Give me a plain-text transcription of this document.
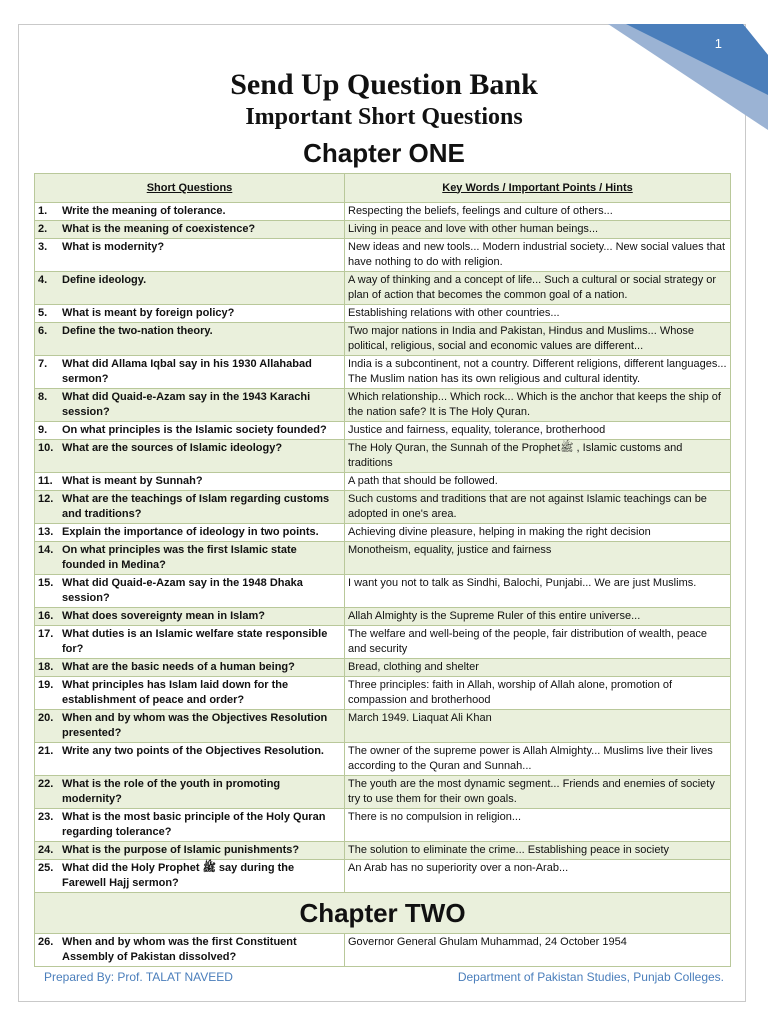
1
Send Up Question Bank
Important Short Questions
Chapter ONE
Short Questions	Key Words / Important Points / Hints

1. Write the meaning of tolerance.	Respecting the beliefs, feelings and culture of others...

2. What is the meaning of coexistence?	Living in peace and love with other human beings...

3. What is modernity?	New ideas and new tools... Modern industrial society... New social values that have nothing to do with religion.

4. Define ideology.	A way of thinking and a concept of life... Such a cultural or social strategy or plan of action that becomes the common goal of a nation.

5. What is meant by foreign policy?	Establishing relations with other countries...

6. Define the two-nation theory.	Two major nations in India and Pakistan, Hindus and Muslims... Whose political, religious, social and economic values are different...

7. What did Allama Iqbal say in his 1930 Allahabad sermon?	India is a subcontinent, not a country. Different religions, different languages... The Muslim nation has its own religious and cultural identity.

8. What did Quaid-e-Azam say in the 1943 Karachi session?	Which relationship... Which rock... Which is the anchor that keeps the ship of the nation safe? It is The Holy Quran.

9. On what principles is the Islamic society founded?	Justice and fairness, equality, tolerance, brotherhood

10. What are the sources of Islamic ideology?	The Holy Quran, the Sunnah of the Prophetﷺ , Islamic customs and traditions

11. What is meant by Sunnah?	A path that should be followed.

12. What are the teachings of Islam regarding customs and traditions?	Such customs and traditions that are not against Islamic teachings can be adopted in one's area.

13. Explain the importance of ideology in two points.	Achieving divine pleasure, helping in making the right decision

14. On what principles was the first Islamic state founded in Medina?	Monotheism, equality, justice and fairness

15. What did Quaid-e-Azam say in the 1948 Dhaka session?	I want you not to talk as Sindhi, Balochi, Punjabi... We are just Muslims.

16. What does sovereignty mean in Islam?	Allah Almighty is the Supreme Ruler of this entire universe...

17. What duties is an Islamic welfare state responsible for?	The welfare and well-being of the people, fair distribution of wealth, peace and security

18. What are the basic needs of a human being?	Bread, clothing and shelter

19. What principles has Islam laid down for the establishment of peace and order?	Three principles: faith in Allah, worship of Allah alone, promotion of compassion and brotherhood

20. When and by whom was the Objectives Resolution presented?	March 1949. Liaquat Ali Khan

21. Write any two points of the Objectives Resolution.	The owner of the supreme power is Allah Almighty... Muslims live their lives according to the Quran and Sunnah...

22. What is the role of the youth in promoting modernity?	The youth are the most dynamic segment... Friends and enemies of society try to use them for their own goals.

23. What is the most basic principle of the Holy Quran regarding tolerance?	There is no compulsion in religion...

24. What is the purpose of Islamic punishments?	The solution to eliminate the crime... Establishing peace in society

25. What did the Holy Prophet ﷺ say during the Farewell Hajj sermon?	An Arab has no superiority over a non-Arab...
Chapter TWO	

26. When and by whom was the first Constituent Assembly of Pakistan dissolved?	Governor General Ghulam Muhammad, 24 October 1954
Prepared By: Prof. TALAT NAVEED	Department of Pakistan Studies, Punjab Colleges.
